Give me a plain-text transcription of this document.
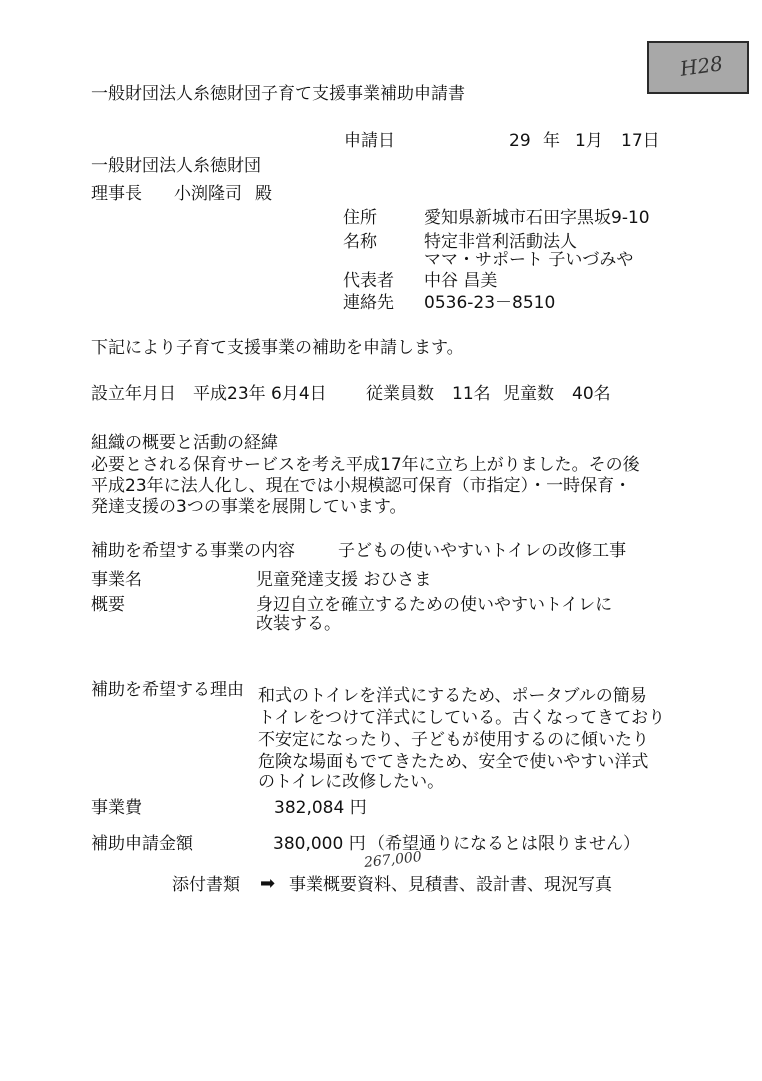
H28
一般財団法人糸徳財団子育て支援事業補助申請書
申請日	29 年 1月 17日
一般財団法人糸徳財団
理事長 小渕隆司 殿
住所	愛知県新城市石田字黒坂9-10
名称	特定非営利活動法人
ママ・サポート 子いづみや
代表者 中谷 昌美
連絡先 0536-23－8510
下記により子育て支援事業の補助を申請します。
設立年月日 平成23年 6月4日 従業員数 11名 児童数 40名
組織の概要と活動の経緯
必要とされる保育サービスを考え平成17年に立ち上がりました。その後
平成23年に法人化し、現在では小規模認可保育（市指定）・一時保育・
発達支援の3つの事業を展開しています。
補助を希望する事業の内容	子どもの使いやすいトイレの改修工事
事業名	児童発達支援 おひさま
概要	身辺自立を確立するための使いやすいトイレに
改装する。
補助を希望する理由 和式のトイレを洋式にするため、ポータブルの簡易
トイレをつけて洋式にしている。古くなってきており
不安定になったり、子どもが使用するのに傾いたり
危険な場面もでてきたため、安全で使いやすい洋式
のトイレに改修したい。
事業費	382,084 円
補助申請金額	380,000 円 （希望通りになるとは限りません）
267,000
添付書類 ➡ 事業概要資料、見積書、設計書、現況写真
